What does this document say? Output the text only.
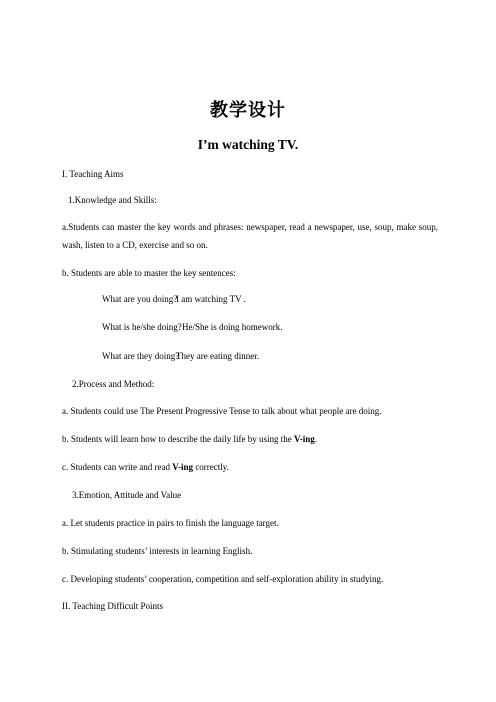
教学设计
I’m watching TV.
I. Teaching Aims
1.Knowledge and Skills:
a.Students can master the key words and phrases: newspaper, read a newspaper, use, soup, make soup, wash, listen to a CD, exercise and so on.
b. Students are able to master the key sentences:
What are you doing?
I am watching TV .
What is he/she doing? He/She is doing homework.
What are they doing?
They are eating dinner.
2.Process and Method:
a. Students could use The Present Progressive Tense to talk about what people are doing.
b. Students will learn how to describe the daily life by using the V-ing.
c. Students can write and read V-ing correctly.
3.Emotion, Attitude and Value
a. Let students practice in pairs to finish the language target.
b. Stimulating students’ interests in learning English.
c. Developing students’ cooperation, competition and self-exploration ability in studying.
II. Teaching Difficult Points
